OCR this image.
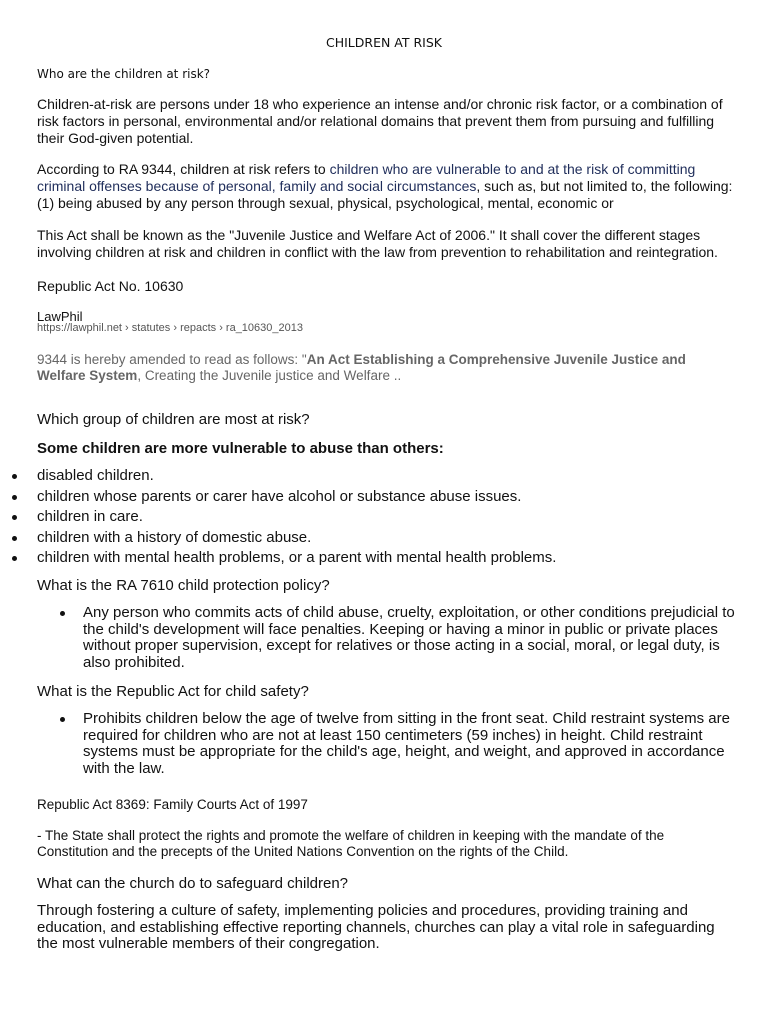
CHILDREN AT RISK

Who are the children at risk?

Children-at-risk are persons under 18 who experience an intense and/or chronic risk factor, or a combination of risk factors in personal, environmental and/or relational domains that prevent them from pursuing and fulfilling their God-given potential.

According to RA 9344, children at risk refers to children who are vulnerable to and at the risk of committing criminal offenses because of personal, family and social circumstances, such as, but not limited to, the following: (1) being abused by any person through sexual, physical, psychological, mental, economic or

This Act shall be known as the "Juvenile Justice and Welfare Act of 2006." It shall cover the different stages involving children at risk and children in conflict with the law from prevention to rehabilitation and reintegration.

Republic Act No. 10630

LawPhil

https://lawphil.net › statutes › repacts › ra_10630_2013

9344 is hereby amended to read as follows: "An Act Establishing a Comprehensive Juvenile Justice and Welfare System, Creating the Juvenile justice and Welfare ..

Which group of children are most at risk?

Some children are more vulnerable to abuse than others:

disabled children.
children whose parents or carer have alcohol or substance abuse issues.
children in care.
children with a history of domestic abuse.
children with mental health problems, or a parent with mental health problems.

What is the RA 7610 child protection policy?

Any person who commits acts of child abuse, cruelty, exploitation, or other conditions prejudicial to the child's development will face penalties. Keeping or having a minor in public or private places without proper supervision, except for relatives or those acting in a social, moral, or legal duty, is also prohibited.

What is the Republic Act for child safety?

Prohibits children below the age of twelve from sitting in the front seat. Child restraint systems are required for children who are not at least 150 centimeters (59 inches) in height. Child restraint systems must be appropriate for the child's age, height, and weight, and approved in accordance with the law.

Republic Act 8369: Family Courts Act of 1997

- The State shall protect the rights and promote the welfare of children in keeping with the mandate of the Constitution and the precepts of the United Nations Convention on the rights of the Child.

What can the church do to safeguard children?

Through fostering a culture of safety, implementing policies and procedures, providing training and education, and establishing effective reporting channels, churches can play a vital role in safeguarding the most vulnerable members of their congregation.
